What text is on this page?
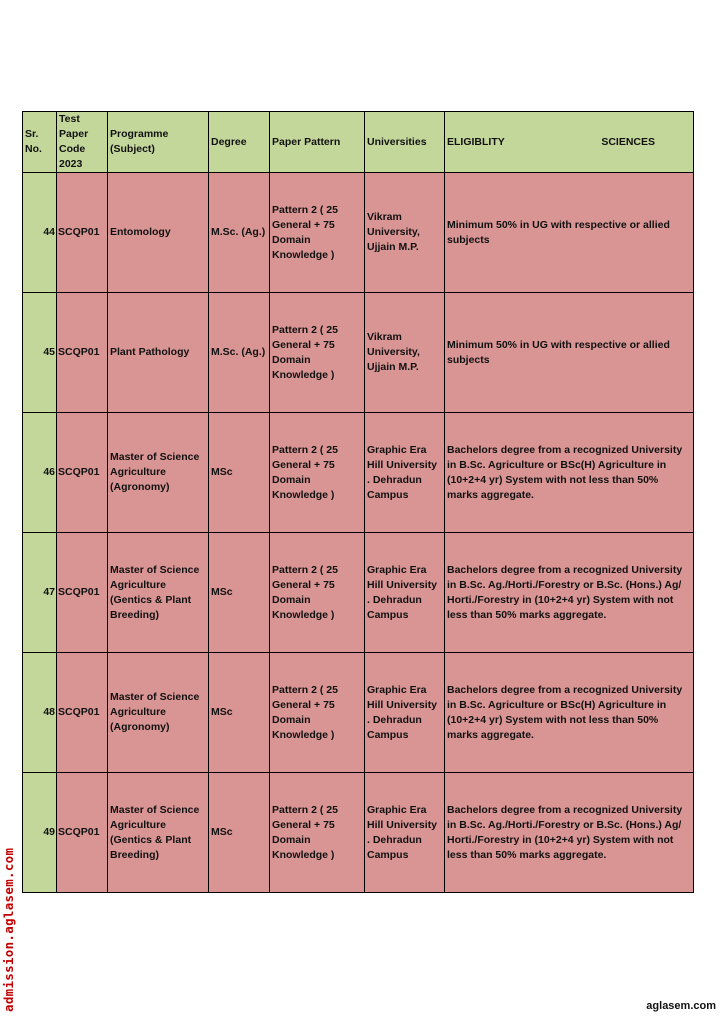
Sr. No.	Test Paper Code 2023	Programme (Subject)	Degree	Paper Pattern	Universities	ELIGIBLITY SCIENCES

44	SCQP01	Entomology	M.Sc. (Ag.)	Pattern 2 ( 25 General + 75 Domain Knowledge )	Vikram University, Ujjain M.P.	Minimum 50% in UG with respective or allied subjects
45	SCQP01	Plant Pathology	M.Sc. (Ag.)	Pattern 2 ( 25 General + 75 Domain Knowledge )	Vikram University, Ujjain M.P.	Minimum 50% in UG with respective or allied subjects
46	SCQP01	Master of Science Agriculture (Agronomy)	MSc	Pattern 2 ( 25 General + 75 Domain Knowledge )	Graphic Era Hill University . Dehradun Campus	Bachelors degree from a recognized University in B.Sc. Agriculture or BSc(H) Agriculture in (10+2+4 yr) System with not less than 50% marks aggregate.
47	SCQP01	Master of Science Agriculture (Gentics & Plant Breeding)	MSc	Pattern 2 ( 25 General + 75 Domain Knowledge )	Graphic Era Hill University . Dehradun Campus	Bachelors degree from a recognized University in B.Sc. Ag./Horti./Forestry or B.Sc. (Hons.) Ag/ Horti./Forestry in (10+2+4 yr) System with not less than 50% marks aggregate.
48	SCQP01	Master of Science Agriculture (Agronomy)	MSc	Pattern 2 ( 25 General + 75 Domain Knowledge )	Graphic Era Hill University . Dehradun Campus	Bachelors degree from a recognized University in B.Sc. Agriculture or BSc(H) Agriculture in (10+2+4 yr) System with not less than 50% marks aggregate.
49	SCQP01	Master of Science Agriculture (Gentics & Plant Breeding)	MSc	Pattern 2 ( 25 General + 75 Domain Knowledge )	Graphic Era Hill University . Dehradun Campus	Bachelors degree from a recognized University in B.Sc. Ag./Horti./Forestry or B.Sc. (Hons.) Ag/ Horti./Forestry in (10+2+4 yr) System with not less than 50% marks aggregate.
admission.aglasem.com	aglasem.com
